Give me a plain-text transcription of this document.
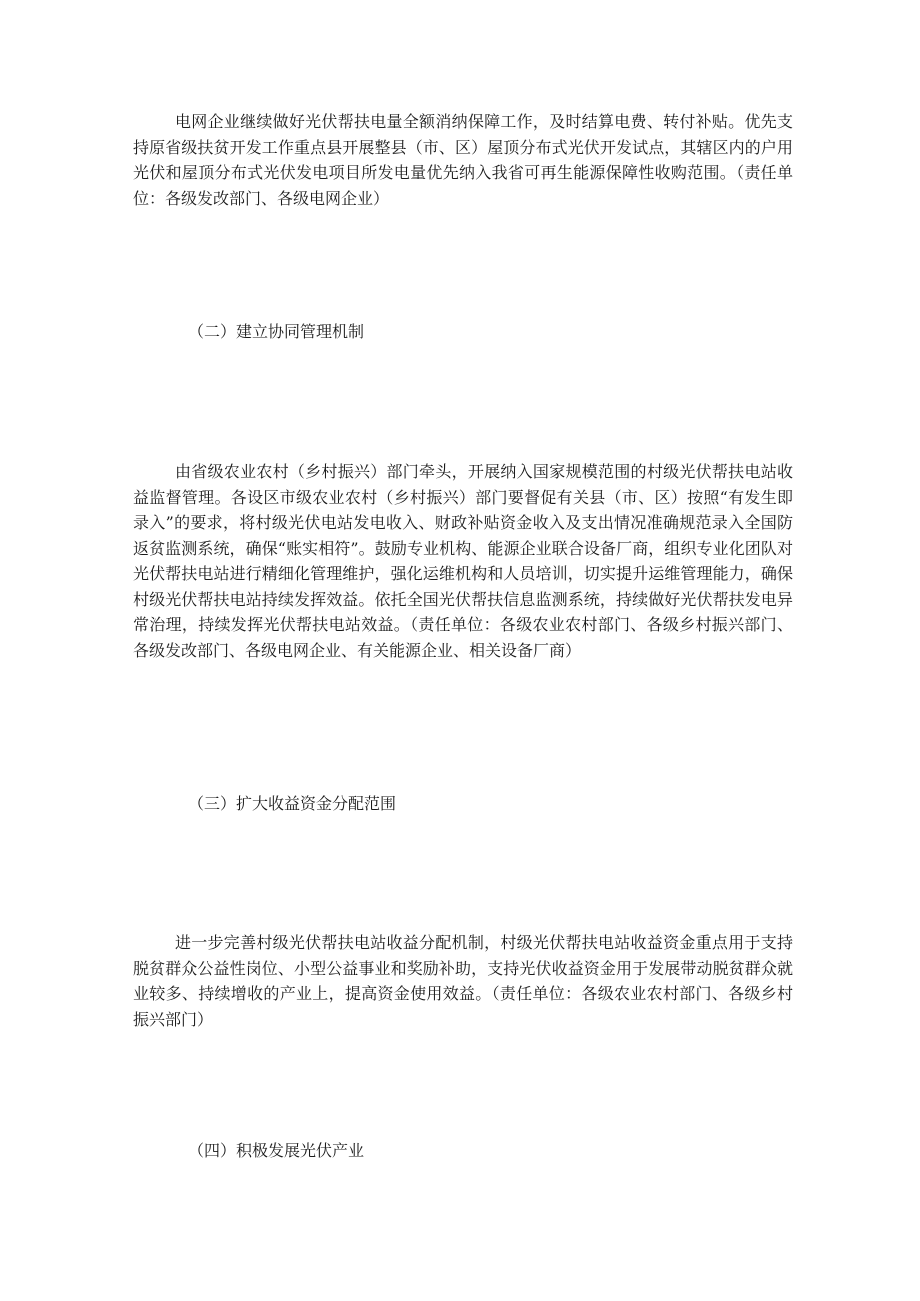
电网企业继续做好光伏帮扶电量全额消纳保障工作，及时结算电费、转付补贴。优先支持原省级扶贫开发工作重点县开展整县（市、区）屋顶分布式光伏开发试点，其辖区内的户用光伏和屋顶分布式光伏发电项目所发电量优先纳入我省可再生能源保障性收购范围。（责任单位：各级发改部门、各级电网企业）

（二）建立协同管理机制

由省级农业农村（乡村振兴）部门牵头，开展纳入国家规模范围的村级光伏帮扶电站收益监督管理。各设区市级农业农村（乡村振兴）部门要督促有关县（市、区）按照“有发生即录入”的要求，将村级光伏电站发电收入、财政补贴资金收入及支出情况准确规范录入全国防返贫监测系统，确保“账实相符”。鼓励专业机构、能源企业联合设备厂商，组织专业化团队对光伏帮扶电站进行精细化管理维护，强化运维机构和人员培训，切实提升运维管理能力，确保村级光伏帮扶电站持续发挥效益。依托全国光伏帮扶信息监测系统，持续做好光伏帮扶发电异常治理，持续发挥光伏帮扶电站效益。（责任单位：各级农业农村部门、各级乡村振兴部门、各级发改部门、各级电网企业、有关能源企业、相关设备厂商）

（三）扩大收益资金分配范围

进一步完善村级光伏帮扶电站收益分配机制，村级光伏帮扶电站收益资金重点用于支持脱贫群众公益性岗位、小型公益事业和奖励补助，支持光伏收益资金用于发展带动脱贫群众就业较多、持续增收的产业上，提高资金使用效益。（责任单位：各级农业农村部门、各级乡村振兴部门）

（四）积极发展光伏产业
